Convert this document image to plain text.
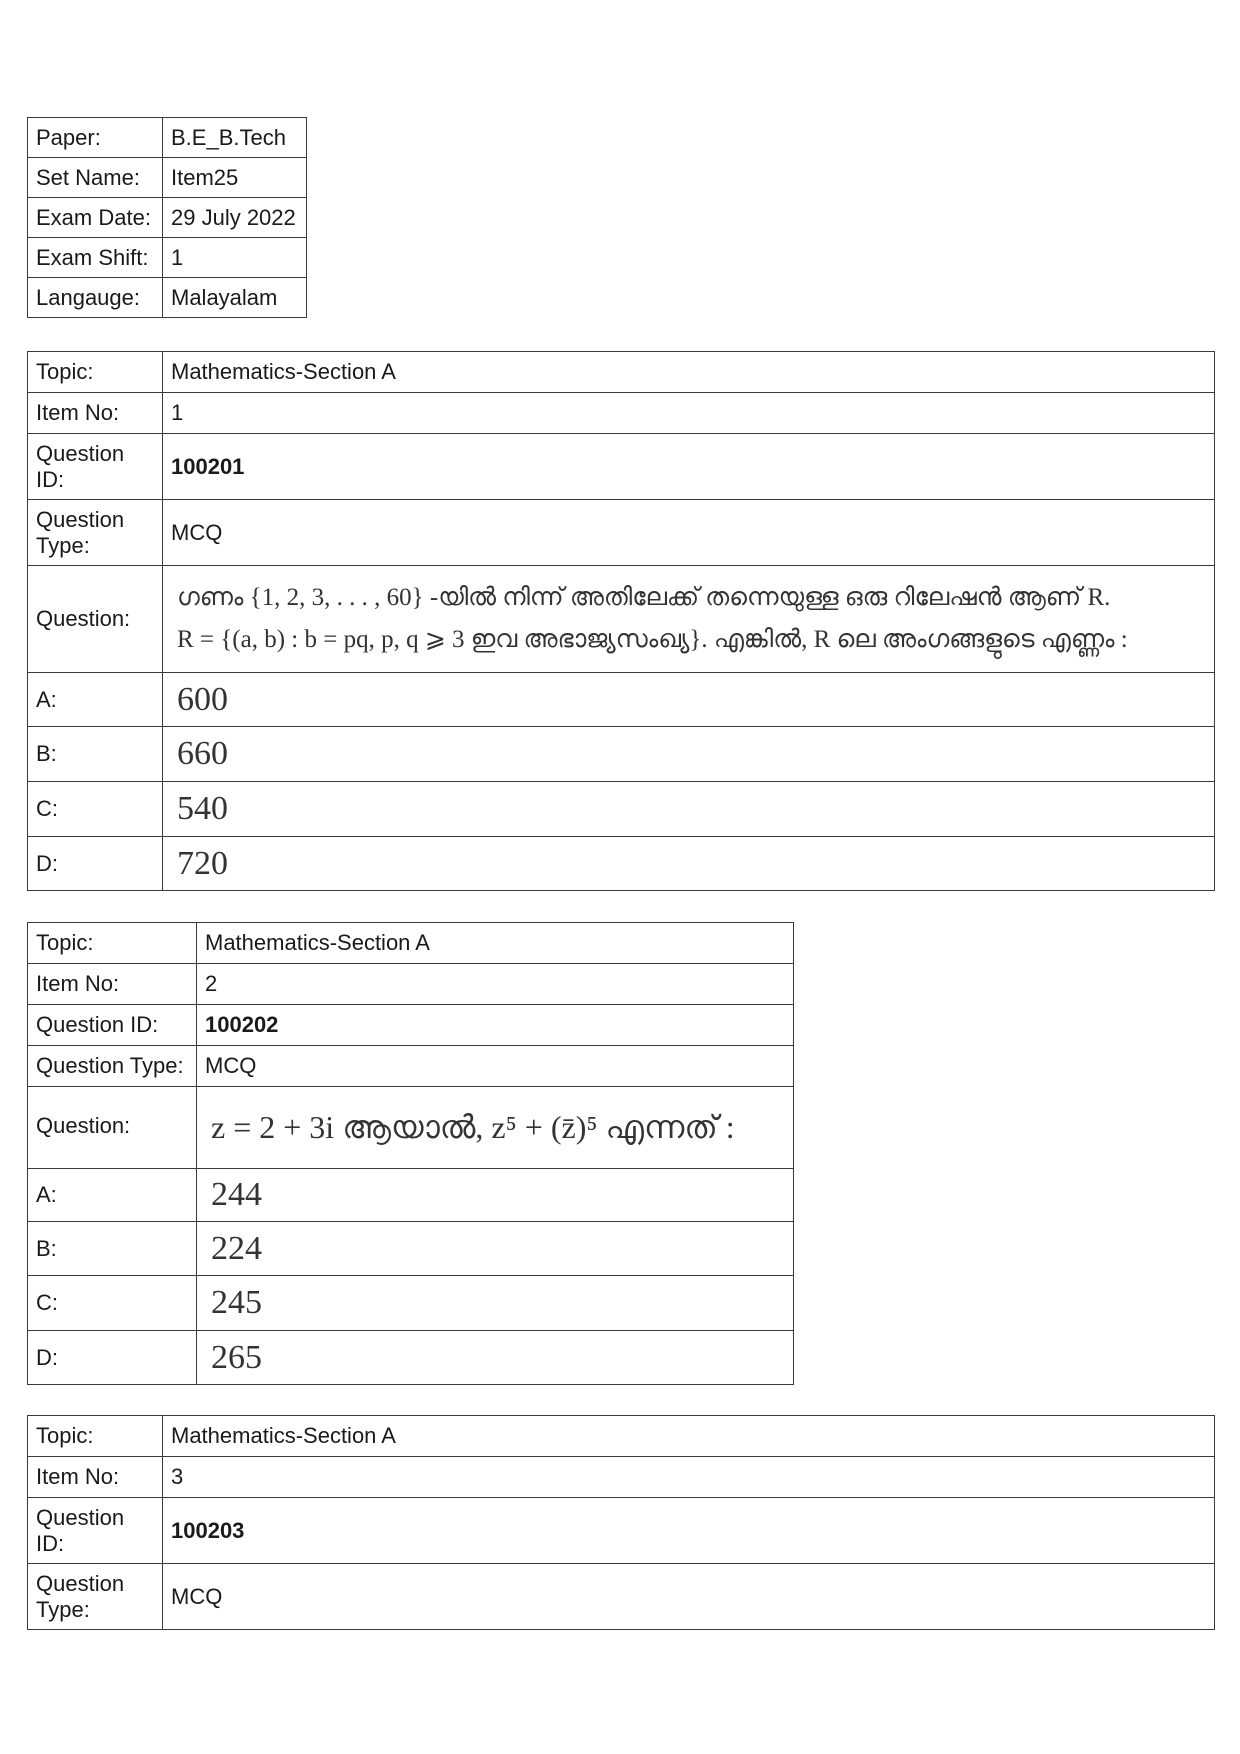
Paper:	B.E_B.Tech
Set Name:	Item25
Exam Date:	29 July 2022
Exam Shift:	1
Langauge:	Malayalam
Topic:	Mathematics-Section A
Item No:	1
Question ID:	100201
Question Type:	MCQ
Question:	ഗണം {1, 2, 3, . . . , 60} -യിൽ നിന്ന് അതിലേക്ക് തന്നെയുള്ള ഒരു റിലേഷൻ ആണ് R.
R = {(a, b) : b = pq, p, q ⩾ 3 ഇവ അഭാജ്യസംഖ്യ}. എങ്കിൽ, R ലെ അംഗങ്ങളുടെ എണ്ണം :

A:	600
B:	660
C:	540
D:	720
Topic:	Mathematics-Section A
Item No:	2
Question ID:	100202
Question Type:	MCQ
Question:	z = 2 + 3i ആയാൽ, z⁵ + (z̄)⁵ എന്നത് :
A:	244
B:	224
C:	245
D:	265
Topic:	Mathematics-Section A
Item No:	3
Question ID:	100203
Question Type:	MCQ
